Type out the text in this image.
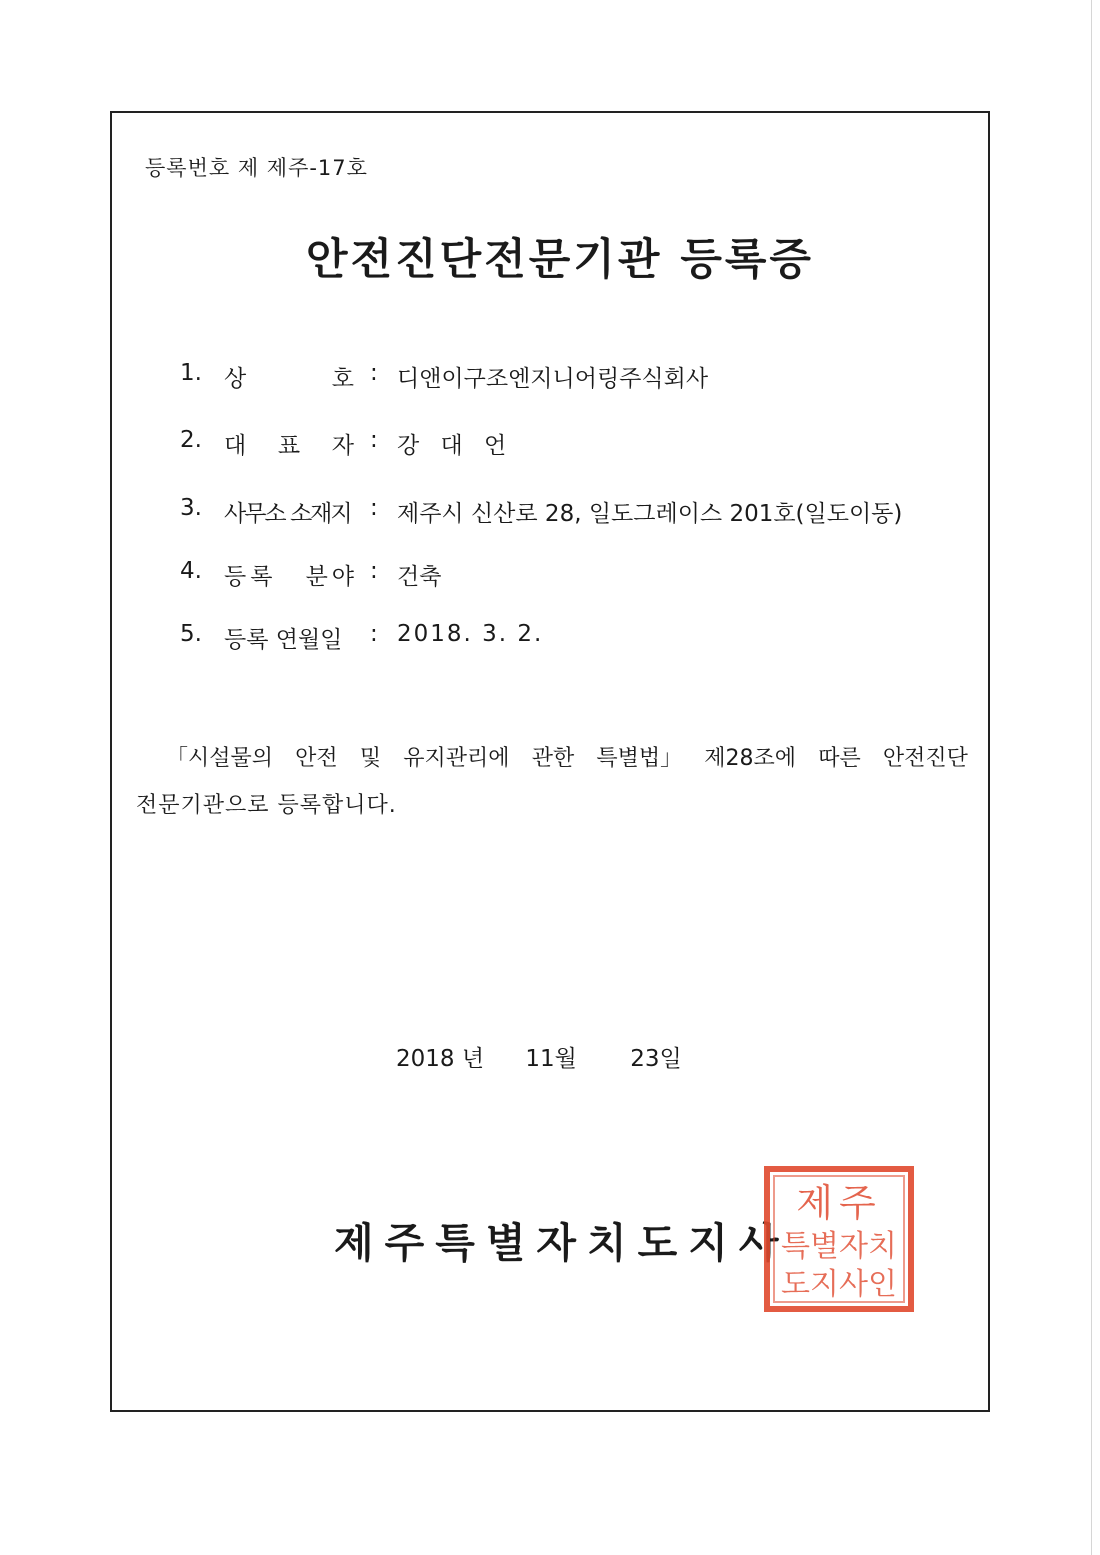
등록번호 제 제주-17호
안전진단전문기관 등록증
1. 상	호 : 디앤이구조엔지니어링주식회사
2. 대 표 자 : 강 대 언
3. 사무소 소재지 : 제주시 신산로 28, 일도그레이스 201호(일도이동)
4. 등 록 분 야 : 건축
5. 등록 연월일	: 2018. 3. 2.
「시설물의 안전 및 유지관리에 관한 특별법」 제28조에 따른 안전진단
전문기관으로 등록합니다.
2018 년 11월 23일
제주특별자치도지사
제주
특별자치
도지사인
